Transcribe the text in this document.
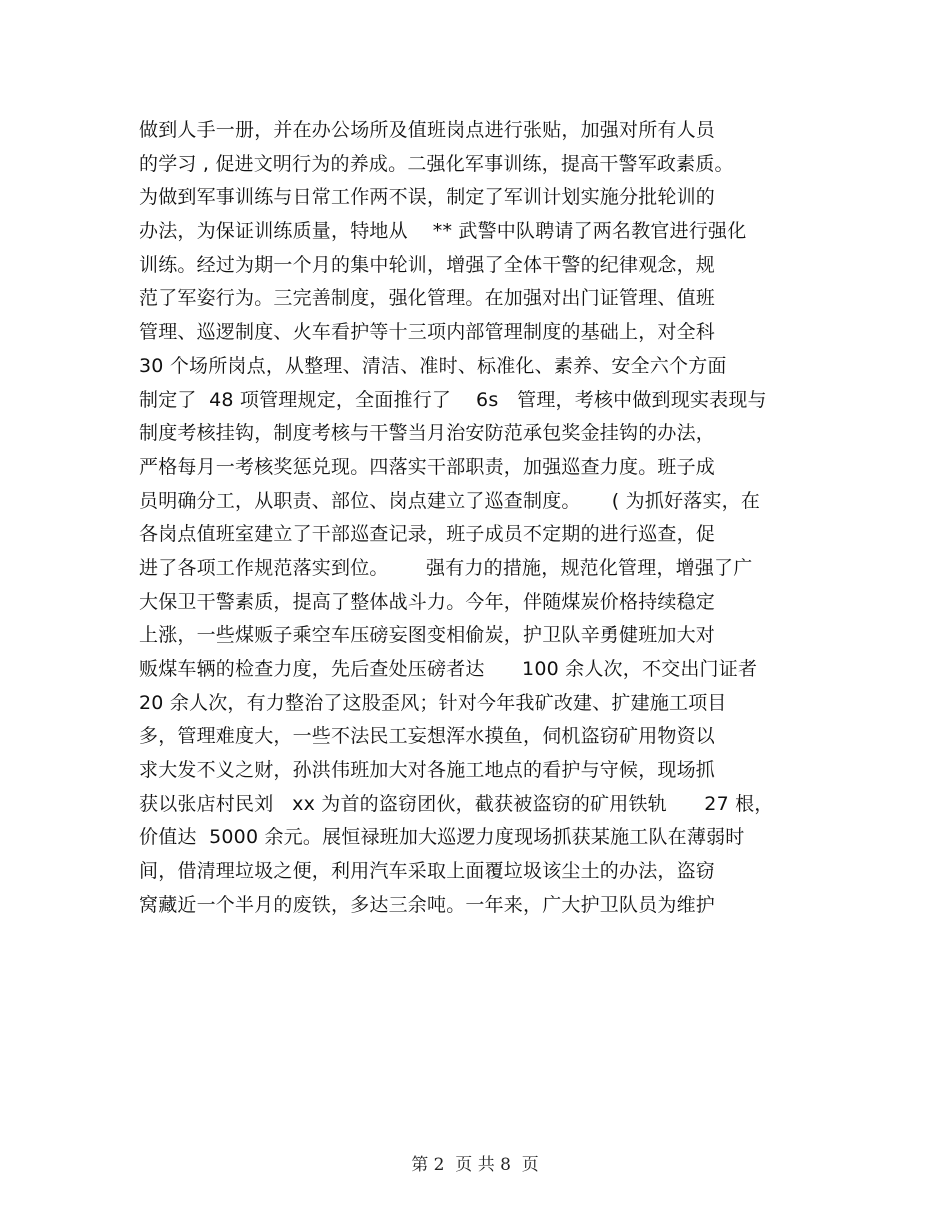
做到人手一册，并在办公场所及值班岗点进行张贴，加强对所有人员
的学习 , 促进文明行为的养成。二强化军事训练，提高干警军政素质。
为做到军事训练与日常工作两不误，制定了军训计划实施分批轮训的
办法，为保证训练质量，特地从    ** 武警中队聘请了两名教官进行强化
训练。经过为期一个月的集中轮训，增强了全体干警的纪律观念，规
范了军姿行为。三完善制度，强化管理。在加强对出门证管理、值班
管理、巡逻制度、火车看护等十三项内部管理制度的基础上，对全科
30 个场所岗点，从整理、清洁、准时、标准化、素养、安全六个方面
制定了  48 项管理规定，全面推行了    6s   管理，考核中做到现实表现与
制度考核挂钩，制度考核与干警当月治安防范承包奖金挂钩的办法，
严格每月一考核奖惩兑现。四落实干部职责，加强巡查力度。班子成
员明确分工，从职责、部位、岗点建立了巡查制度。     ( 为抓好落实，在
各岗点值班室建立了干部巡查记录，班子成员不定期的进行巡查，促
进了各项工作规范落实到位。      强有力的措施，规范化管理，增强了广
大保卫干警素质，提高了整体战斗力。今年，伴随煤炭价格持续稳定
上涨，一些煤贩子乘空车压磅妄图变相偷炭，护卫队辛勇健班加大对
贩煤车辆的检查力度，先后查处压磅者达      100 余人次，不交出门证者
20 余人次，有力整治了这股歪风；针对今年我矿改建、扩建施工项目
多，管理难度大，一些不法民工妄想浑水摸鱼，伺机盗窃矿用物资以
求大发不义之财，孙洪伟班加大对各施工地点的看护与守候，现场抓
获以张店村民刘   xx 为首的盗窃团伙，截获被盗窃的矿用铁轨      27 根，
价值达  5000 余元。展恒禄班加大巡逻力度现场抓获某施工队在薄弱时
间，借清理垃圾之便，利用汽车采取上面覆垃圾该尘土的办法，盗窃
窝藏近一个半月的废铁，多达三余吨。一年来，广大护卫队员为维护
第 2  页 共 8  页
